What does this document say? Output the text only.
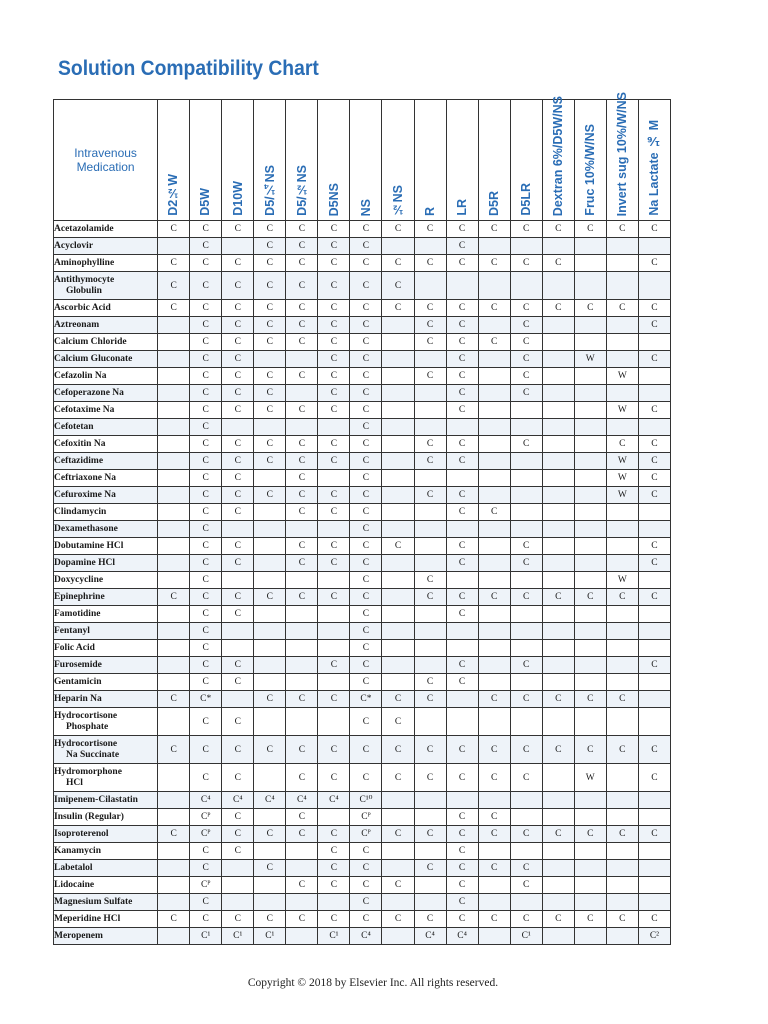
Solution Compatibility Chart
Intravenous
Medication	D2½W	D5W	D10W	D5/¼NS	D5/½NS	D5NS	NS	½NS	R	LR	D5R	D5LR	Dextran 6%/D5W/NS	Fruc 10%/W/NS	Invert sug 10%/W/NS	Na Lactate ⅙ M

Acetazolamide	C	C	C	C	C	C	C	C	C	C	C	C	C	C	C	C
Acyclovir		C		C	C	C	C			C						
Aminophylline	C	C	C	C	C	C	C	C	C	C	C	C	C			C
Antithymocyte

Globulin	C	C	C	C	C	C	C	C								
Ascorbic Acid	C	C	C	C	C	C	C	C	C	C	C	C	C	C	C	C
Aztreonam		C	C	C	C	C	C		C	C		C				C
Calcium Chloride		C	C	C	C	C	C		C	C	C	C				
Calcium Gluconate		C	C			C	C			C		C		W		C
Cefazolin Na		C	C	C	C	C	C		C	C		C			W	
Cefoperazone Na		C	C	C		C	C			C		C				
Cefotaxime Na		C	C	C	C	C	C			C					W	C
Cefotetan		C					C									
Cefoxitin Na		C	C	C	C	C	C		C	C		C			C	C
Ceftazidime		C	C	C	C	C	C		C	C					W	C
Ceftriaxone Na		C	C		C		C								W	C
Cefuroxime Na		C	C	C	C	C	C		C	C					W	C
Clindamycin		C	C		C	C	C			C	C					
Dexamethasone		C					C									
Dobutamine HCl		C	C		C	C	C	C		C		C				C
Dopamine HCl		C	C		C	C	C			C		C				C
Doxycycline		C					C		C						W	
Epinephrine	C	C	C	C	C	C	C		C	C	C	C	C	C	C	C
Famotidine		C	C				C			C						
Fentanyl		C					C									
Folic Acid		C					C									
Furosemide		C	C			C	C			C		C				C
Gentamicin		C	C				C		C	C						
Heparin Na	C	C*		C	C	C	C*	C	C		C	C	C	C	C	
Hydrocortisone

Phosphate		C	C				C	C								
Hydrocortisone

Na Succinate	C	C	C	C	C	C	C	C	C	C	C	C	C	C	C	C
Hydromorphone

HCl		C	C		C	C	C	C	C	C	C	C		W		C
Imipenem-Cilastatin		C⁴	C⁴	C⁴	C⁴	C⁴	C¹⁰									
Insulin (Regular)		Cᴾ	C		C		Cᴾ			C	C					
Isoproterenol	C	Cᴾ	C	C	C	C	Cᴾ	C	C	C	C	C	C	C	C	C
Kanamycin		C	C			C	C			C						
Labetalol		C		C		C	C		C	C	C	C				
Lidocaine		Cᴾ			C	C	C	C		C		C				
Magnesium Sulfate		C					C			C						
Meperidine HCl	C	C	C	C	C	C	C	C	C	C	C	C	C	C	C	C
Meropenem		C¹	C¹	C¹		C¹	C⁴		C⁴	C⁴		C¹				C²
Copyright © 2018 by Elsevier Inc. All rights reserved.
